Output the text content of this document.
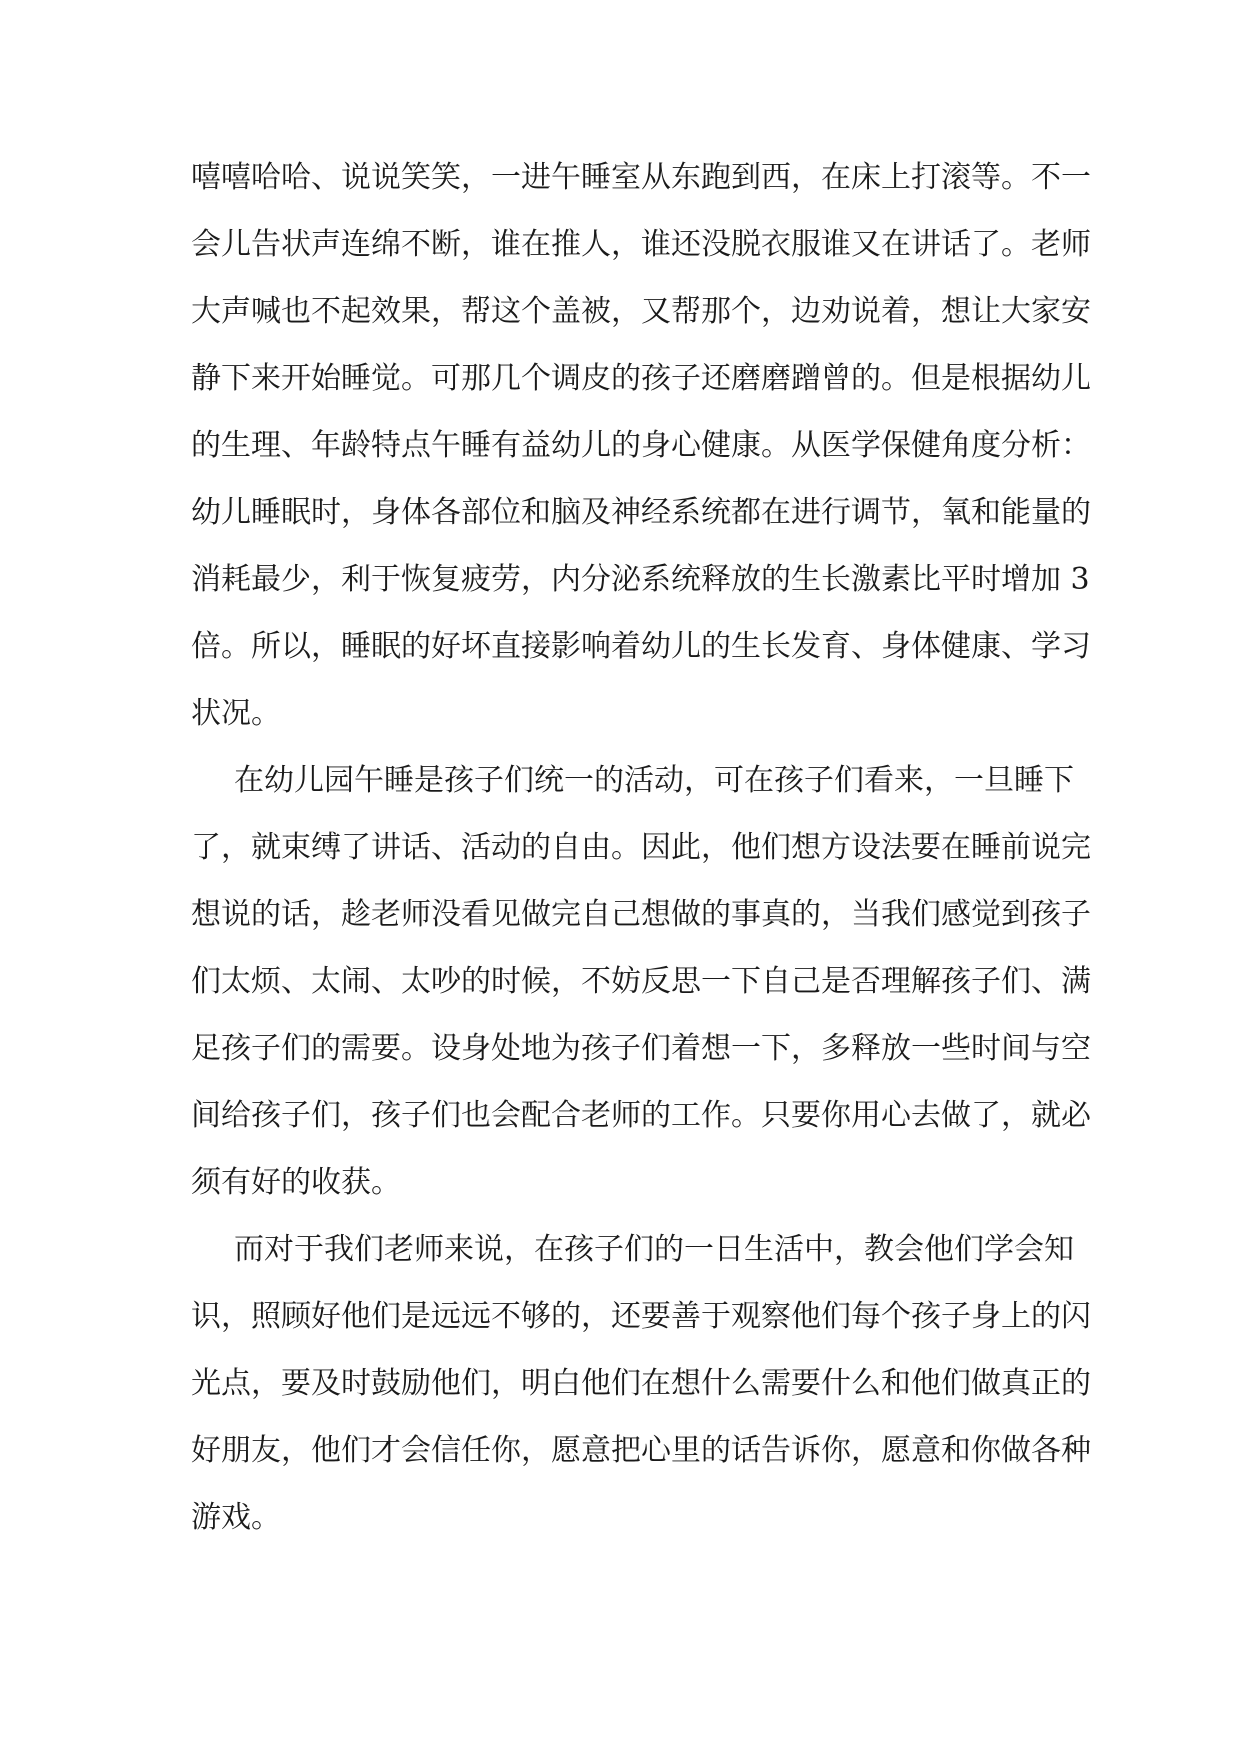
嘻嘻哈哈、说说笑笑，一进午睡室从东跑到西，在床上打滚等。不一
会儿告状声连绵不断，谁在推人，谁还没脱衣服谁又在讲话了。老师
大声喊也不起效果，帮这个盖被，又帮那个，边劝说着，想让大家安
静下来开始睡觉。可那几个调皮的孩子还磨磨蹭曾的。但是根据幼儿
的生理、年龄特点午睡有益幼儿的身心健康。从医学保健角度分析：
幼儿睡眠时，身体各部位和脑及神经系统都在进行调节，氧和能量的
消耗最少，利于恢复疲劳，内分泌系统释放的生长激素比平时增加 3
倍。所以，睡眠的好坏直接影响着幼儿的生长发育、身体健康、学习
状况。
在幼儿园午睡是孩子们统一的活动，可在孩子们看来，一旦睡下
了，就束缚了讲话、活动的自由。因此，他们想方设法要在睡前说完
想说的话，趁老师没看见做完自己想做的事真的，当我们感觉到孩子
们太烦、太闹、太吵的时候，不妨反思一下自己是否理解孩子们、满
足孩子们的需要。设身处地为孩子们着想一下，多释放一些时间与空
间给孩子们，孩子们也会配合老师的工作。只要你用心去做了，就必
须有好的收获。
而对于我们老师来说，在孩子们的一日生活中，教会他们学会知
识，照顾好他们是远远不够的，还要善于观察他们每个孩子身上的闪
光点，要及时鼓励他们，明白他们在想什么需要什么和他们做真正的
好朋友，他们才会信任你，愿意把心里的话告诉你，愿意和你做各种
游戏。
